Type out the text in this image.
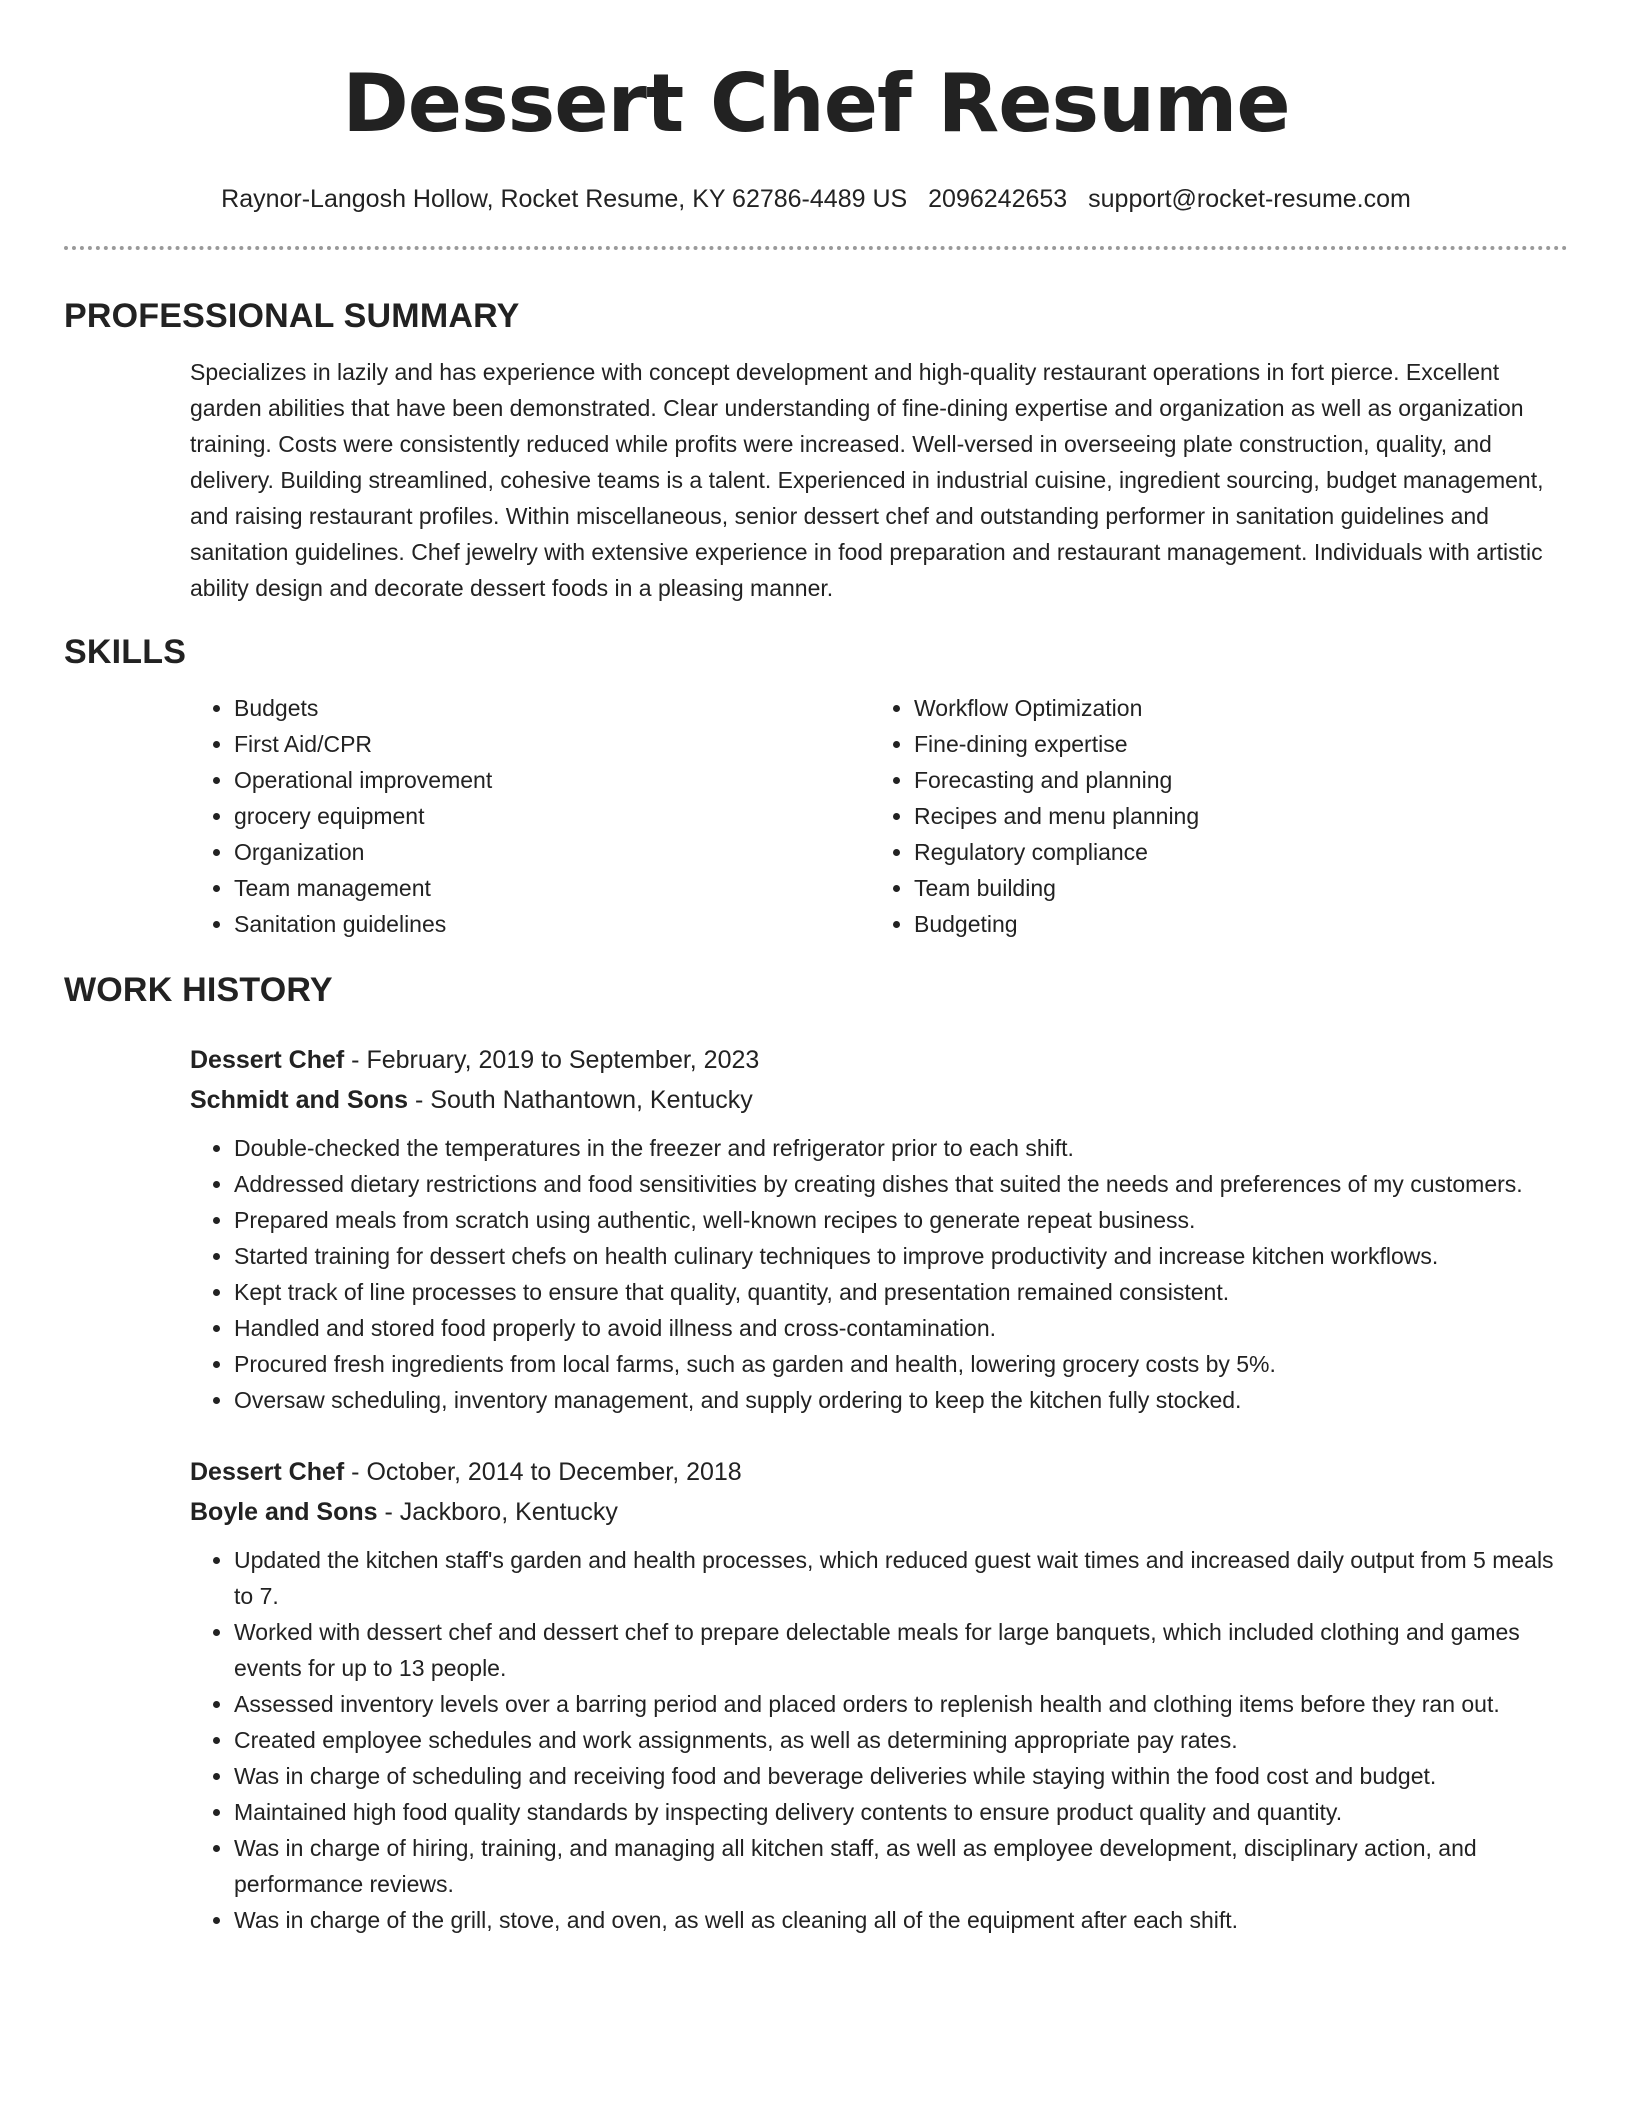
Dessert Chef Resume
Raynor-Langosh Hollow, Rocket Resume, KY 62786-4489 US 2096242653 support@rocket-resume.com
PROFESSIONAL SUMMARY

Specializes in lazily and has experience with concept development and high-quality restaurant operations in fort pierce. Excellent garden abilities that have been demonstrated. Clear understanding of fine-dining expertise and organization as well as organization training. Costs were consistently reduced while profits were increased. Well-versed in overseeing plate construction, quality, and delivery. Building streamlined, cohesive teams is a talent. Experienced in industrial cuisine, ingredient sourcing, budget management, and raising restaurant profiles. Within miscellaneous, senior dessert chef and outstanding performer in sanitation guidelines and sanitation guidelines. Chef jewelry with extensive experience in food preparation and restaurant management. Individuals with artistic ability design and decorate dessert foods in a pleasing manner.

SKILLS
• Budgets
• First Aid/CPR
• Operational improvement
• grocery equipment
• Organization
• Team management
• Sanitation guidelines
• Workflow Optimization
• Fine-dining expertise
• Forecasting and planning
• Recipes and menu planning
• Regulatory compliance
• Team building
• Budgeting
WORK HISTORY
Dessert Chef - February, 2019 to September, 2023
Schmidt and Sons - South Nathantown, Kentucky
• Double-checked the temperatures in the freezer and refrigerator prior to each shift.
• Addressed dietary restrictions and food sensitivities by creating dishes that suited the needs and preferences of my customers.
• Prepared meals from scratch using authentic, well-known recipes to generate repeat business.
• Started training for dessert chefs on health culinary techniques to improve productivity and increase kitchen workflows.
• Kept track of line processes to ensure that quality, quantity, and presentation remained consistent.
• Handled and stored food properly to avoid illness and cross-contamination.
• Procured fresh ingredients from local farms, such as garden and health, lowering grocery costs by 5%.
• Oversaw scheduling, inventory management, and supply ordering to keep the kitchen fully stocked.
Dessert Chef - October, 2014 to December, 2018
Boyle and Sons - Jackboro, Kentucky
• Updated the kitchen staff's garden and health processes, which reduced guest wait times and increased daily output from 5 meals to 7.
• Worked with dessert chef and dessert chef to prepare delectable meals for large banquets, which included clothing and games events for up to 13 people.
• Assessed inventory levels over a barring period and placed orders to replenish health and clothing items before they ran out.
• Created employee schedules and work assignments, as well as determining appropriate pay rates.
• Was in charge of scheduling and receiving food and beverage deliveries while staying within the food cost and budget.
• Maintained high food quality standards by inspecting delivery contents to ensure product quality and quantity.
• Was in charge of hiring, training, and managing all kitchen staff, as well as employee development, disciplinary action, and performance reviews.
• Was in charge of the grill, stove, and oven, as well as cleaning all of the equipment after each shift.
